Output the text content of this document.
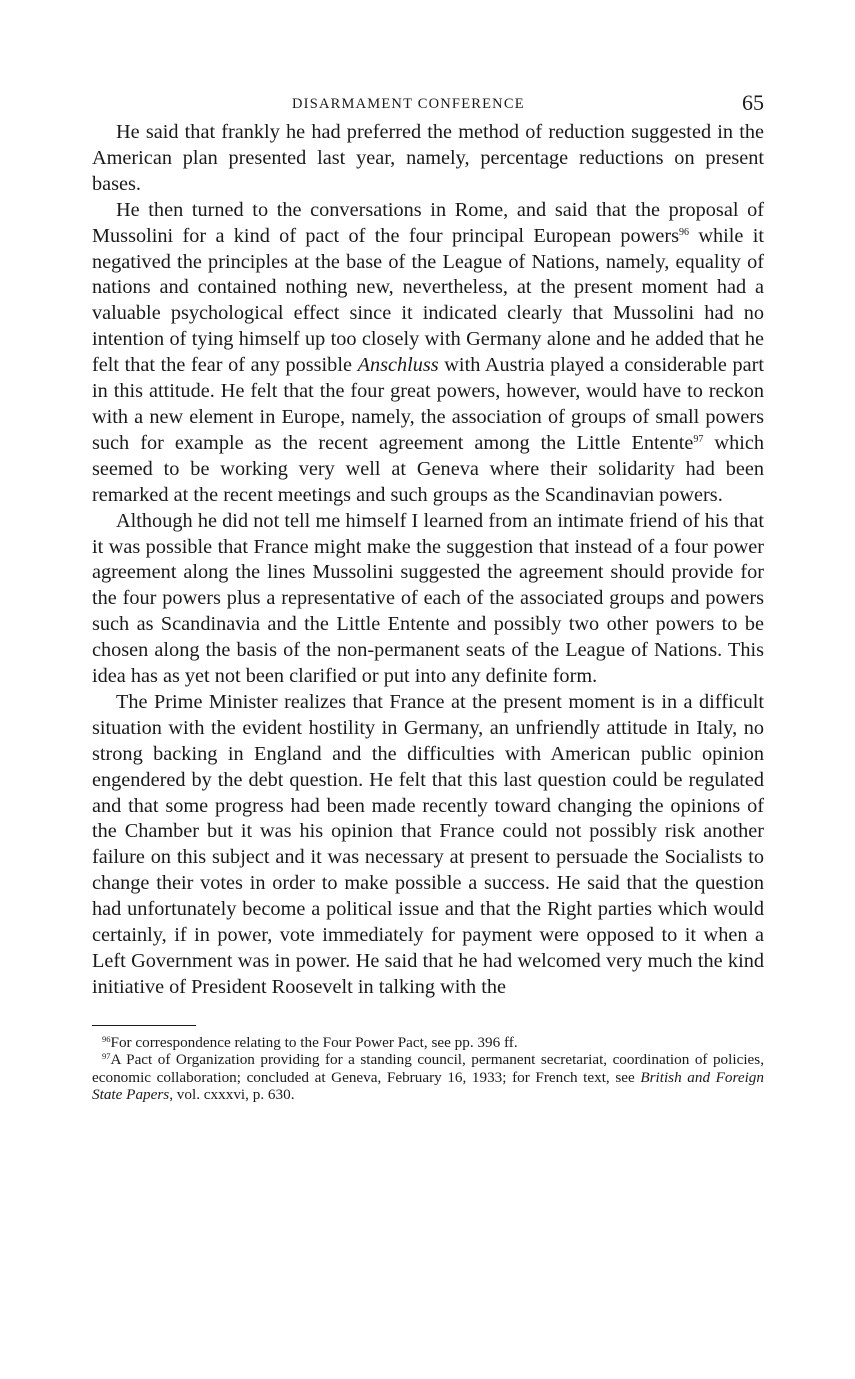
DISARMAMENT CONFERENCE	65

He said that frankly he had preferred the method of reduction suggested in the American plan presented last year, namely, percentage reductions on present bases.

He then turned to the conversations in Rome, and said that the proposal of Mussolini for a kind of pact of the four principal European powers$^{96}$ while it negatived the principles at the base of the League of Nations, namely, equality of nations and contained nothing new, nevertheless, at the present moment had a valuable psychological effect since it indicated clearly that Mussolini had no intention of tying himself up too closely with Germany alone and he added that he felt that the fear of any possible Anschluss with Austria played a considerable part in this attitude. He felt that the four great powers, however, would have to reckon with a new element in Europe, namely, the association of groups of small powers such for example as the recent agreement among the Little Entente$^{97}$ which seemed to be working very well at Geneva where their solidarity had been remarked at the recent meetings and such groups as the Scandinavian powers.

Although he did not tell me himself I learned from an intimate friend of his that it was possible that France might make the suggestion that instead of a four power agreement along the lines Mussolini suggested the agreement should provide for the four powers plus a representative of each of the associated groups and powers such as Scandinavia and the Little Entente and possibly two other powers to be chosen along the basis of the non-permanent seats of the League of Nations. This idea has as yet not been clarified or put into any definite form.

The Prime Minister realizes that France at the present moment is in a difficult situation with the evident hostility in Germany, an unfriendly attitude in Italy, no strong backing in England and the difficulties with American public opinion engendered by the debt question. He felt that this last question could be regulated and that some progress had been made recently toward changing the opinions of the Chamber but it was his opinion that France could not possibly risk another failure on this subject and it was necessary at present to persuade the Socialists to change their votes in order to make possible a success. He said that the question had unfortunately become a political issue and that the Right parties which would certainly, if in power, vote immediately for payment were opposed to it when a Left Government was in power. He said that he had welcomed very much the kind initiative of President Roosevelt in talking with the

$^{96}$For correspondence relating to the Four Power Pact, see pp. 396 ff.

$^{97}$A Pact of Organization providing for a standing council, permanent secretariat, coordination of policies, economic collaboration; concluded at Geneva, February 16, 1933; for French text, see British and Foreign State Papers, vol. cxxxvi, p. 630.
